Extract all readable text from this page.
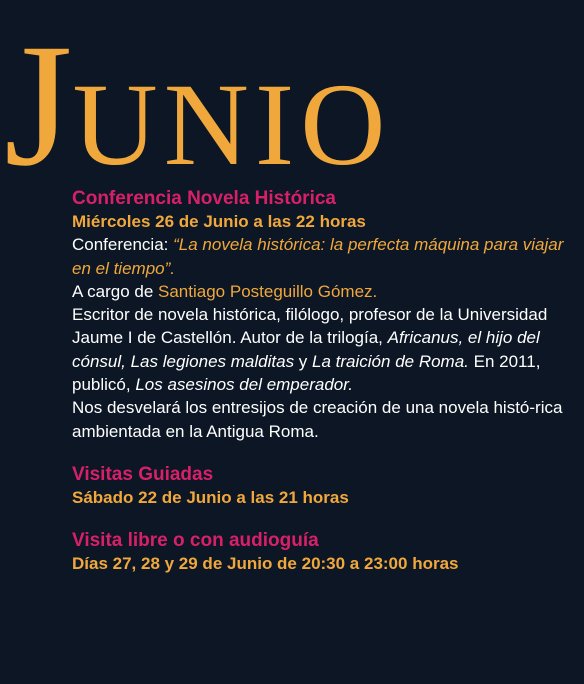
JUNIO
Conferencia Novela Histórica
Miércoles 26 de Junio a las 22 horas

Conferencia: “La novela histórica: la perfecta máquina para viajar en el tiempo”.

A cargo de Santiago Posteguillo Gómez.

Escritor de novela histórica, filólogo, profesor de la Universidad Jaume I de Castellón. Autor de la trilogía, Africanus, el hijo del cónsul, Las legiones malditas y La traición de Roma. En 2011, publicó, Los asesinos del emperador.

Nos desvelará los entresijos de creación de una novela histó-rica ambientada en la Antigua Roma.

Visitas Guiadas
Sábado 22 de Junio a las 21 horas
Visita libre o con audioguía
Días 27, 28 y 29 de Junio de 20:30 a 23:00 horas
